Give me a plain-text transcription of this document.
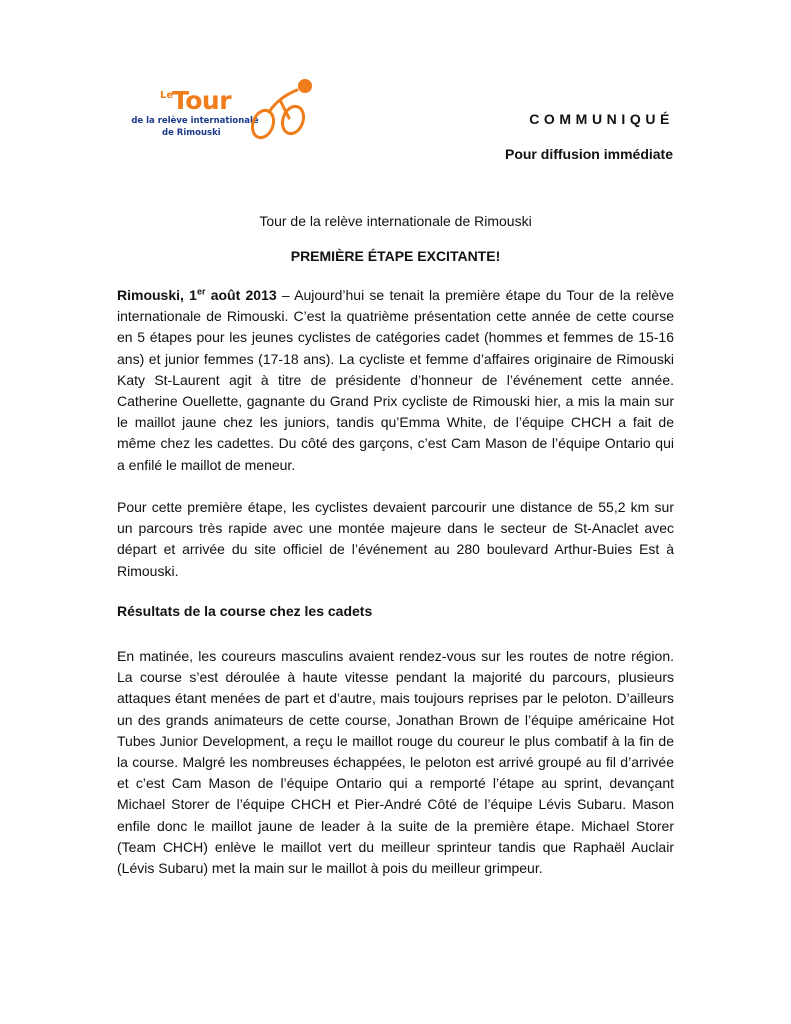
Le
Tour
de la relève internationale
de Rimouski
COMMUNIQUÉ
Pour diffusion immédiate
Tour de la relève internationale de Rimouski
PREMIÈRE ÉTAPE EXCITANTE!

Rimouski, 1er août 2013 – Aujourd’hui se tenait la première étape du Tour de la relève internationale de Rimouski. C’est la quatrième présentation cette année de cette course en 5 étapes pour les jeunes cyclistes de catégories cadet (hommes et femmes de 15-16 ans) et junior femmes (17-18 ans). La cycliste et femme d’affaires originaire de Rimouski Katy St-Laurent agit à titre de présidente d’honneur de l’événement cette année. Catherine Ouellette, gagnante du Grand Prix cycliste de Rimouski hier, a mis la main sur le maillot jaune chez les juniors, tandis qu’Emma White, de l’équipe CHCH a fait de même chez les cadettes. Du côté des garçons, c’est Cam Mason de l’équipe Ontario qui a enfilé le maillot de meneur.

Pour cette première étape, les cyclistes devaient parcourir une distance de 55,2 km sur un parcours très rapide avec une montée majeure dans le secteur de St-Anaclet avec départ et arrivée du site officiel de l’événement au 280 boulevard Arthur-Buies Est à Rimouski.

Résultats de la course chez les cadets

En matinée, les coureurs masculins avaient rendez-vous sur les routes de notre région. La course s’est déroulée à haute vitesse pendant la majorité du parcours, plusieurs attaques étant menées de part et d’autre, mais toujours reprises par le peloton. D’ailleurs un des grands animateurs de cette course, Jonathan Brown de l’équipe américaine Hot Tubes Junior Development, a reçu le maillot rouge du coureur le plus combatif à la fin de la course. Malgré les nombreuses échappées, le peloton est arrivé groupé au fil d’arrivée et c’est Cam Mason de l’équipe Ontario qui a remporté l’étape au sprint, devançant Michael Storer de l’équipe CHCH et Pier-André Côté de l’équipe Lévis Subaru. Mason enfile donc le maillot jaune de leader à la suite de la première étape. Michael Storer (Team CHCH) enlève le maillot vert du meilleur sprinteur tandis que Raphaël Auclair (Lévis Subaru) met la main sur le maillot à pois du meilleur grimpeur.
